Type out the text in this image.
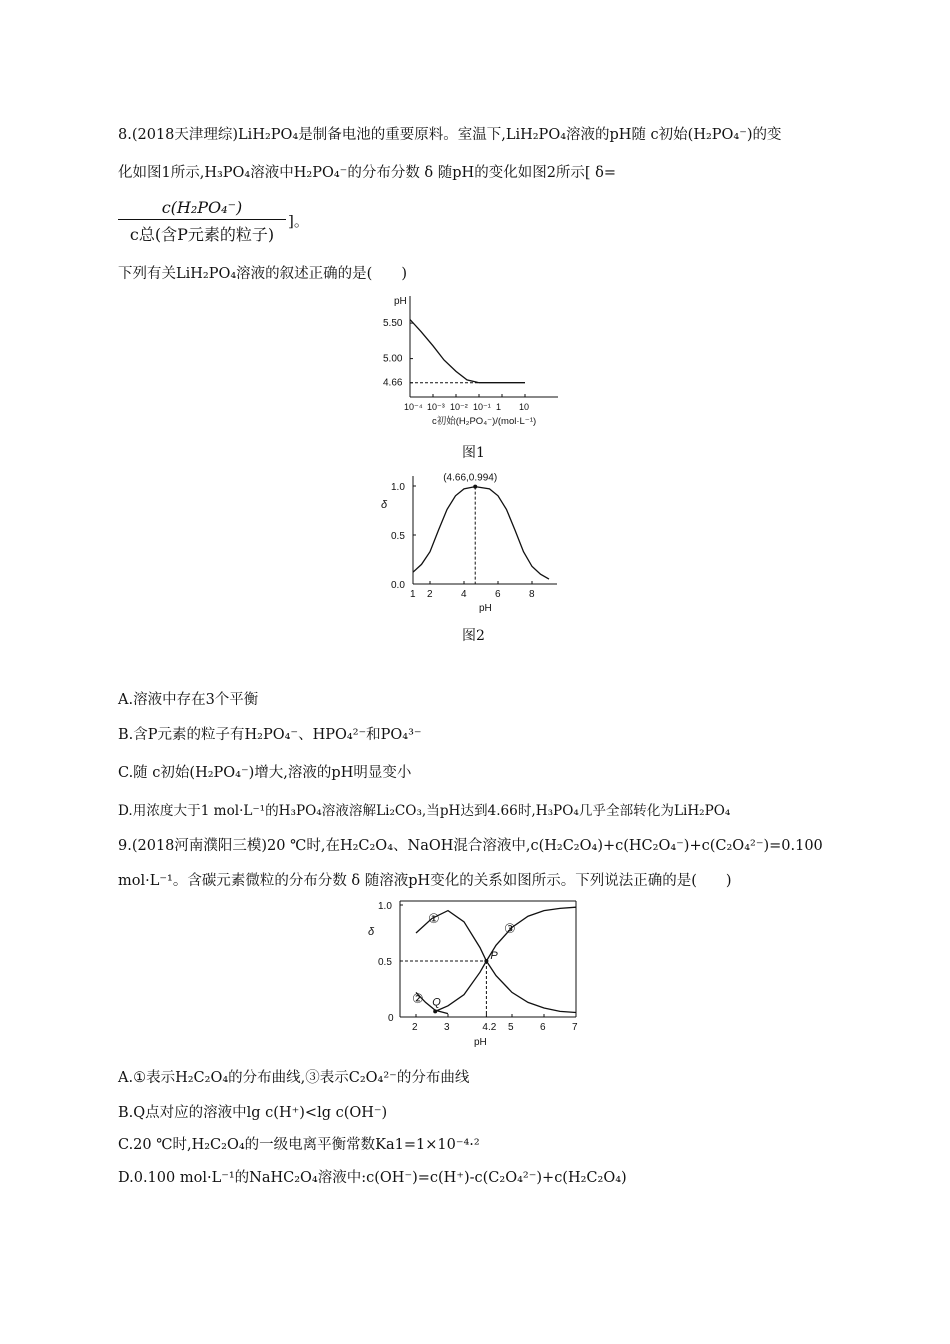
8.(2018天津理综)LiH₂PO₄是制备电池的重要原料。室温下,LiH₂PO₄溶液的pH随 c初始(H₂PO₄⁻)的变
化如图1所示,H₃PO₄溶液中H₂PO₄⁻的分布分数 δ 随pH的变化如图2所示[ δ=
c(H₂PO₄⁻)
c总(含P元素的粒子)
]。
下列有关LiH₂PO₄溶液的叙述正确的是(　　)
pH
10⁻⁴ 10⁻³ 10⁻² 10⁻¹ 1 10
5.50
5.00
4.66
c初始(H₂PO₄⁻)/(mol·L⁻¹)
图1
δ
1 2	4	6	8
0.0
0.5
1.0
(4.66,0.994)
pH
图2
A.溶液中存在3个平衡
B.含P元素的粒子有H₂PO₄⁻、HPO₄²⁻和PO₄³⁻
C.随 c初始(H₂PO₄⁻)增大,溶液的pH明显变小
D.用浓度大于1 mol·L⁻¹的H₃PO₄溶液溶解Li₂CO₃,当pH达到4.66时,H₃PO₄几乎全部转化为LiH₂PO₄
9.(2018河南濮阳三模)20 ℃时,在H₂C₂O₄、NaOH混合溶液中,c(H₂C₂O₄)+c(HC₂O₄⁻)+c(C₂O₄²⁻)=0.100
mol·L⁻¹。含碳元素微粒的分布分数 δ 随溶液pH变化的关系如图所示。下列说法正确的是(　　)
δ
2	3	4.2 5	6	7
0
0.5
1.0
①
②
③
P
Q
pH
A.①表示H₂C₂O₄的分布曲线,③表示C₂O₄²⁻的分布曲线
B.Q点对应的溶液中lg c(H⁺)<lg c(OH⁻)
C.20 ℃时,H₂C₂O₄的一级电离平衡常数Ka1=1×10⁻⁴·²
D.0.100 mol·L⁻¹的NaHC₂O₄溶液中:c(OH⁻)=c(H⁺)-c(C₂O₄²⁻)+c(H₂C₂O₄)
